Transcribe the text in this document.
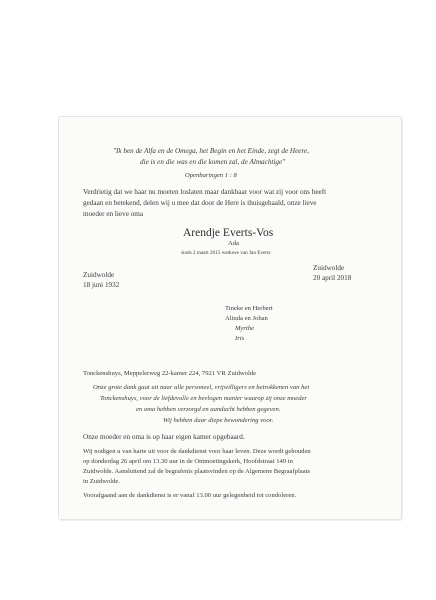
"Ik ben de Alfa en de Omega, het Begin en het Einde, zegt de Heere,
die is en die was en die komen zal, de Almachtige"
Openbaringen 1 : 8
Verdrietig dat we haar nu moeten loslaten maar dankbaar voor wat zij voor ons heeft
gedaan en betekend, delen wij u mee dat door de Here is thuisgehaald, onze lieve
moeder en lieve oma
Arendje Everts-Vos
Ada
sinds 2 maart 2015 weduwe van Jan Everts
Zuidwolde
18 juni 1932
Zuidwolde
20 april 2018
Tineke en Herbert
Alinda en Johan
Myrthe
Iris
Tonckenshuys, Meppelerweg 22-kamer 224, 7921 VR Zuidwolde
Onze grote dank gaat uit naar alle personeel, vrijwilligers en betrokkenen van het
Tonckenshuys, voor de liefdevolle en bevlogen manier waarop zij onze moeder
en oma hebben verzorgd en aandacht hebben gegeven.
Wij hebben daar diepe bewondering voor.
Onze moeder en oma is op haar eigen kamer opgebaard.
Wij nodigen u van harte uit voor de dankdienst voor haar leven. Deze wordt gehouden
op donderdag 26 april om 13.30 uur in de Ontmoetingskerk, Hoofdstraat 149 in
Zuidwolde. Aansluitend zal de begrafenis plaatsvinden op de Algemene Begraafplaats
in Zuidwolde.
Voorafgaand aan de dankdienst is er vanaf 13.00 uur gelegenheid tot condoleren.
